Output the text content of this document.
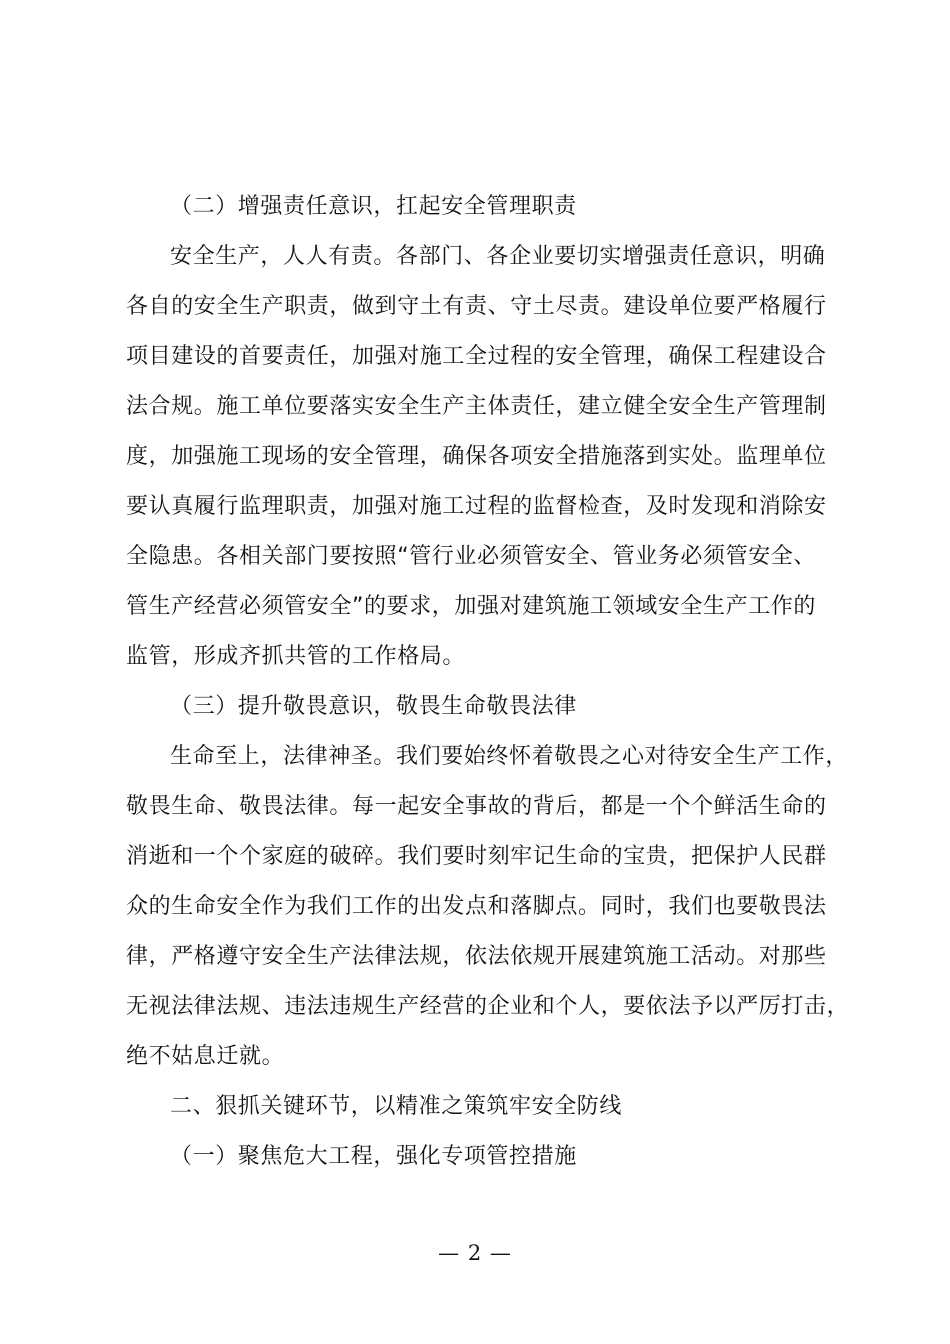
（二）增强责任意识，扛起安全管理职责
安全生产，人人有责。各部门、各企业要切实增强责任意识，明确
各自的安全生产职责，做到守土有责、守土尽责。建设单位要严格履行
项目建设的首要责任，加强对施工全过程的安全管理，确保工程建设合
法合规。施工单位要落实安全生产主体责任，建立健全安全生产管理制
度，加强施工现场的安全管理，确保各项安全措施落到实处。监理单位
要认真履行监理职责，加强对施工过程的监督检查，及时发现和消除安
全隐患。各相关部门要按照“管行业必须管安全、管业务必须管安全、
管生产经营必须管安全”的要求，加强对建筑施工领域安全生产工作的
监管，形成齐抓共管的工作格局。
（三）提升敬畏意识，敬畏生命敬畏法律
生命至上，法律神圣。我们要始终怀着敬畏之心对待安全生产工作，
敬畏生命、敬畏法律。每一起安全事故的背后，都是一个个鲜活生命的
消逝和一个个家庭的破碎。我们要时刻牢记生命的宝贵，把保护人民群
众的生命安全作为我们工作的出发点和落脚点。同时，我们也要敬畏法
律，严格遵守安全生产法律法规，依法依规开展建筑施工活动。对那些
无视法律法规、违法违规生产经营的企业和个人，要依法予以严厉打击，
绝不姑息迁就。
二、狠抓关键环节，以精准之策筑牢安全防线
（一）聚焦危大工程，强化专项管控措施
— 2 —
